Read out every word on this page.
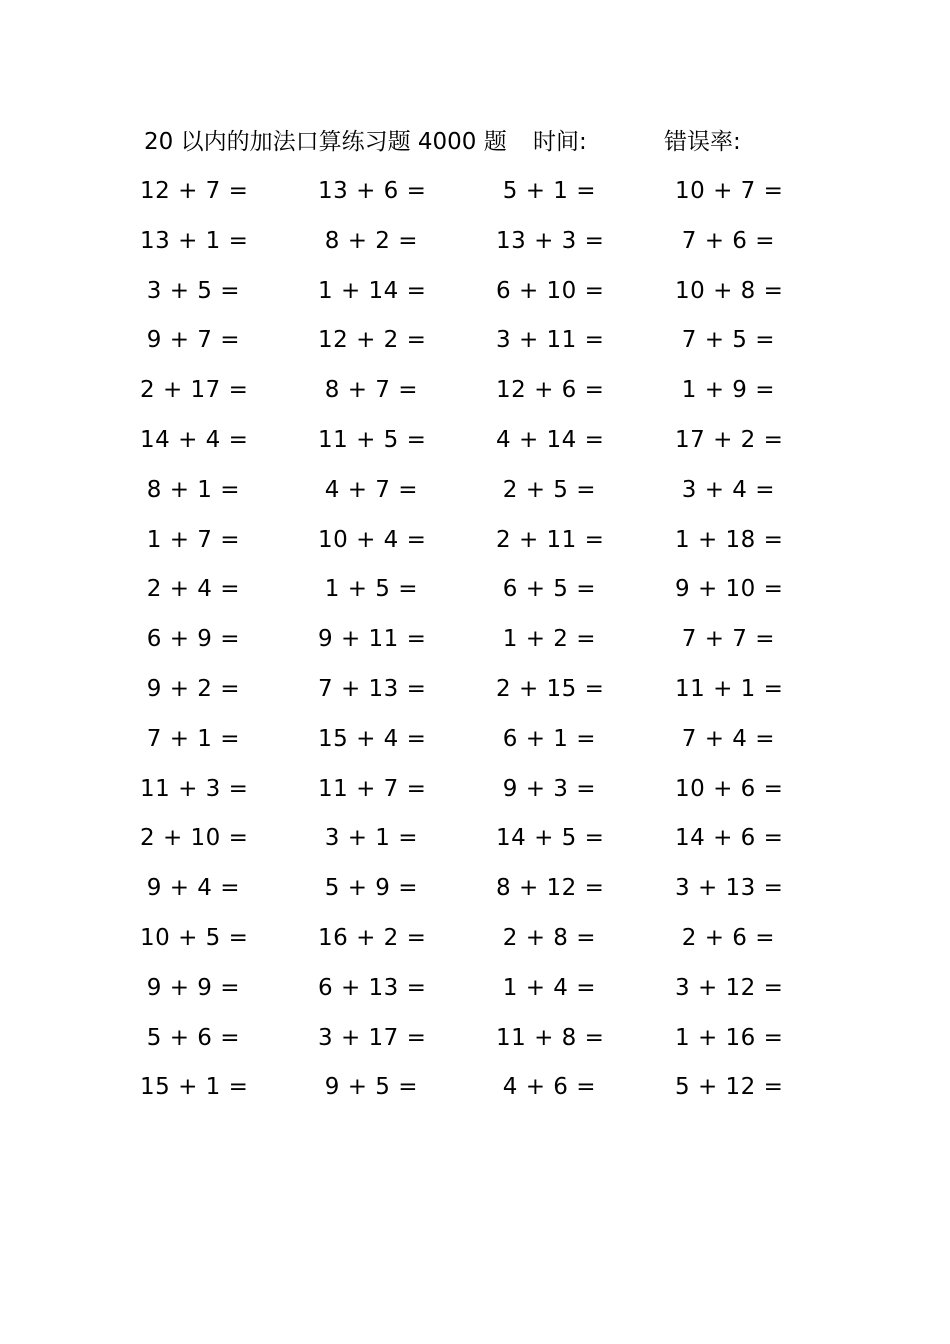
20 以内的加法口算练习题 4000 题 时间:	错误率:
12 + 7 =	13 + 6 =	5 + 1 =	10 + 7 =
13 + 1 =	8 + 2 =	13 + 3 =	7 + 6 =
3 + 5 =	1 + 14 =	6 + 10 =	10 + 8 =
9 + 7 =	12 + 2 =	3 + 11 =	7 + 5 =
2 + 17 =	8 + 7 =	12 + 6 =	1 + 9 =
14 + 4 =	11 + 5 =	4 + 14 =	17 + 2 =
8 + 1 =	4 + 7 =	2 + 5 =	3 + 4 =
1 + 7 =	10 + 4 =	2 + 11 =	1 + 18 =
2 + 4 =	1 + 5 =	6 + 5 =	9 + 10 =
6 + 9 =	9 + 11 =	1 + 2 =	7 + 7 =
9 + 2 =	7 + 13 =	2 + 15 =	11 + 1 =
7 + 1 =	15 + 4 =	6 + 1 =	7 + 4 =
11 + 3 =	11 + 7 =	9 + 3 =	10 + 6 =
2 + 10 =	3 + 1 =	14 + 5 =	14 + 6 =
9 + 4 =	5 + 9 =	8 + 12 =	3 + 13 =
10 + 5 =	16 + 2 =	2 + 8 =	2 + 6 =
9 + 9 =	6 + 13 =	1 + 4 =	3 + 12 =
5 + 6 =	3 + 17 =	11 + 8 =	1 + 16 =
15 + 1 =	9 + 5 =	4 + 6 =	5 + 12 =
